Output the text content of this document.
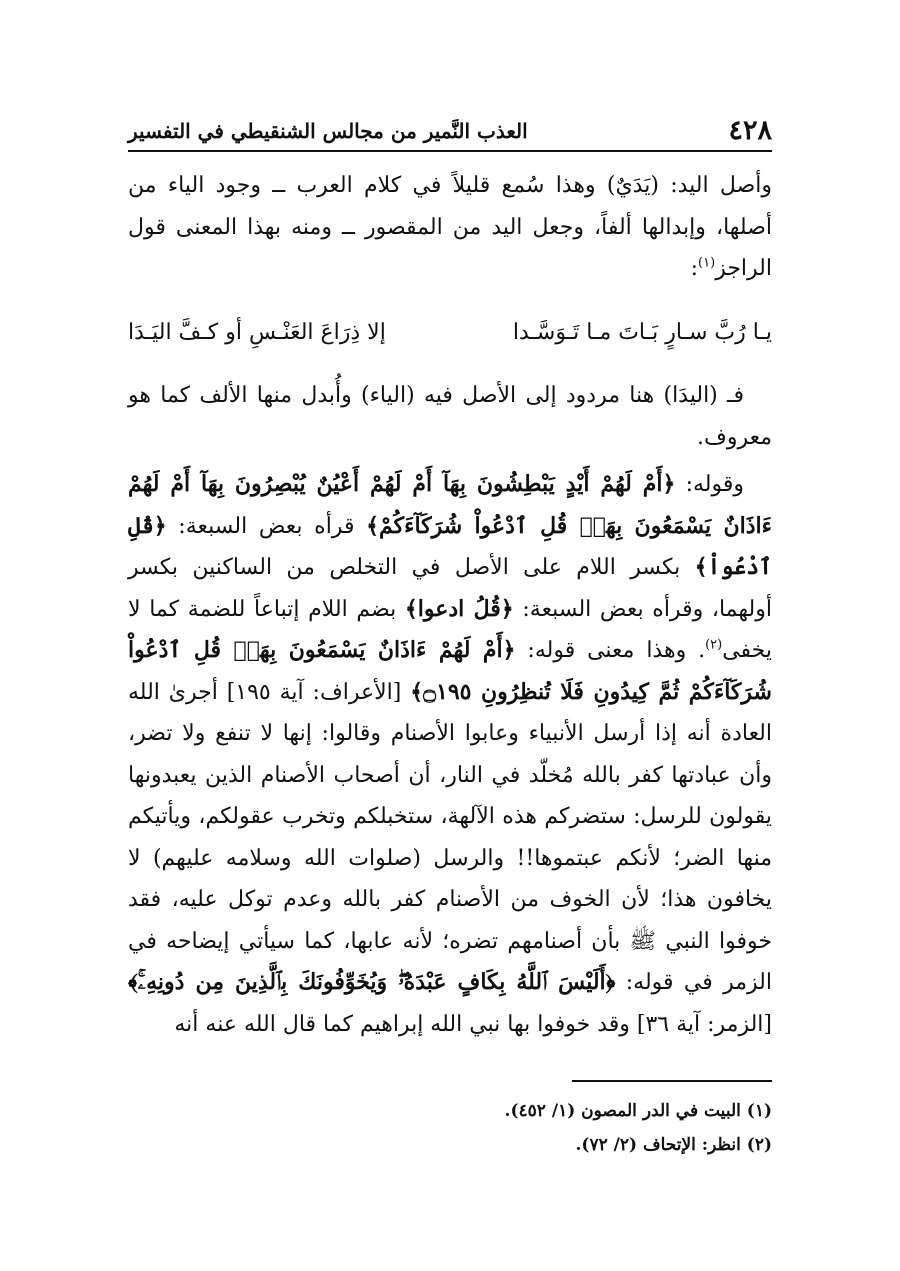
٤٢٨
العذب النَّمير من مجالس الشنقيطي في التفسير

وأصل اليد: (يَدَيٌ) وهذا سُمع قليلاً في كلام العرب ــ وجود الياء من أصلها، وإبدالها ألفاً، وجعل اليد من المقصور ــ ومنه بهذا المعنى قول الراجز$^{(١)}$:

يـا رُبَّ سـارٍ بَـاتَ مـا تَـوَسَّـدا
إلا ذِرَاعَ العَنْـسِ أو كـفَّ اليَـدَا

فـ (اليدَا) هنا مردود إلى الأصل فيه (الياء) وأُبدل منها الألف كما هو معروف.

وقوله: ﴿أَمْ لَهُمْ أَيْدٍ يَبْطِشُونَ بِهَآ أَمْ لَهُمْ أَعْيُنٌ يُبْصِرُونَ بِهَآ أَمْ لَهُمْ ءَاذَانٌ يَسْمَعُونَ بِهَاۗ قُلِ ٱدْعُواْ شُرَكَآءَكُمْ﴾ قرأه بعض السبعة: ﴿قُلِ ٱدْعُواْ﴾ بكسر اللام على الأصل في التخلص من الساكنين بكسر أولهما، وقرأه بعض السبعة: ﴿قُلُ ادعوا﴾ بضم اللام إتباعاً للضمة كما لا يخفى$^{(٢)}$. وهذا معنى قوله: ﴿أَمْ لَهُمْ ءَاذَانٌ يَسْمَعُونَ بِهَاۗ قُلِ ٱدْعُواْ شُرَكَآءَكُمْ ثُمَّ كِيدُونِ فَلَا تُنظِرُونِ ۝١٩٥﴾ [الأعراف: آية ١٩٥] أجرىٰ الله العادة أنه إذا أرسل الأنبياء وعابوا الأصنام وقالوا: إنها لا تنفع ولا تضر، وأن عبادتها كفر بالله مُخلّد في النار، أن أصحاب الأصنام الذين يعبدونها يقولون للرسل: ستضركم هذه الآلهة، ستخبلكم وتخرب عقولكم، ويأتيكم منها الضر؛ لأنكم عبتموها!! والرسل (صلوات الله وسلامه عليهم) لا يخافون هذا؛ لأن الخوف من الأصنام كفر بالله وعدم توكل عليه، فقد خوفوا النبي ﷺ بأن أصنامهم تضره؛ لأنه عابها، كما سيأتي إيضاحه في الزمر في قوله: ﴿أَلَيْسَ ٱللَّهُ بِكَافٍ عَبْدَهُۥۖ وَيُخَوِّفُونَكَ بِٱلَّذِينَ مِن دُونِهِۦۚ﴾ [الزمر: آية ٣٦] وقد خوفوا بها نبي الله إبراهيم كما قال الله عنه أنه

(١) البيت في الدر المصون (١/ ٤٥٢).
(٢) انظر: الإتحاف (٢/ ٧٢).
